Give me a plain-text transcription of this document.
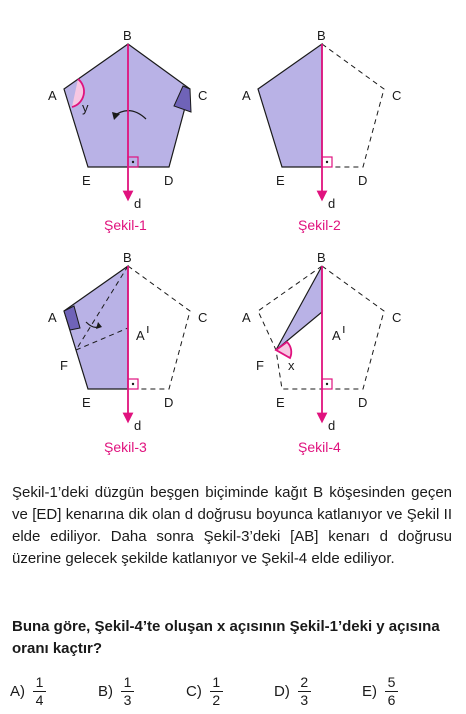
B
A	C
E	D
d
y
Şekil-1
B
A	C
E	D
d
Şekil-2
B
A	C
F
A ı
E	D
d
Şekil-3
B
A	C
F x
A ı
E	D
d
Şekil-4
Şekil-1’deki düzgün beşgen biçiminde kağıt B köşesinden geçen ve [ED] kenarına dik olan d doğrusu boyunca katlanıyor ve Şekil II elde ediliyor. Daha sonra Şekil-3’deki [AB] kenarı d doğrusu üzerine gelecek şekilde katlanıyor ve Şekil-4 elde ediliyor.
Buna göre, Şekil-4’te oluşan x açısının Şekil-1’deki y açısına oranı kaçtır?
$A) \frac{1}{4}$	$B) \frac{1}{3}$	$C) \frac{1}{2}$	$D) \frac{2}{3}$	$E) \frac{5}{6}$
